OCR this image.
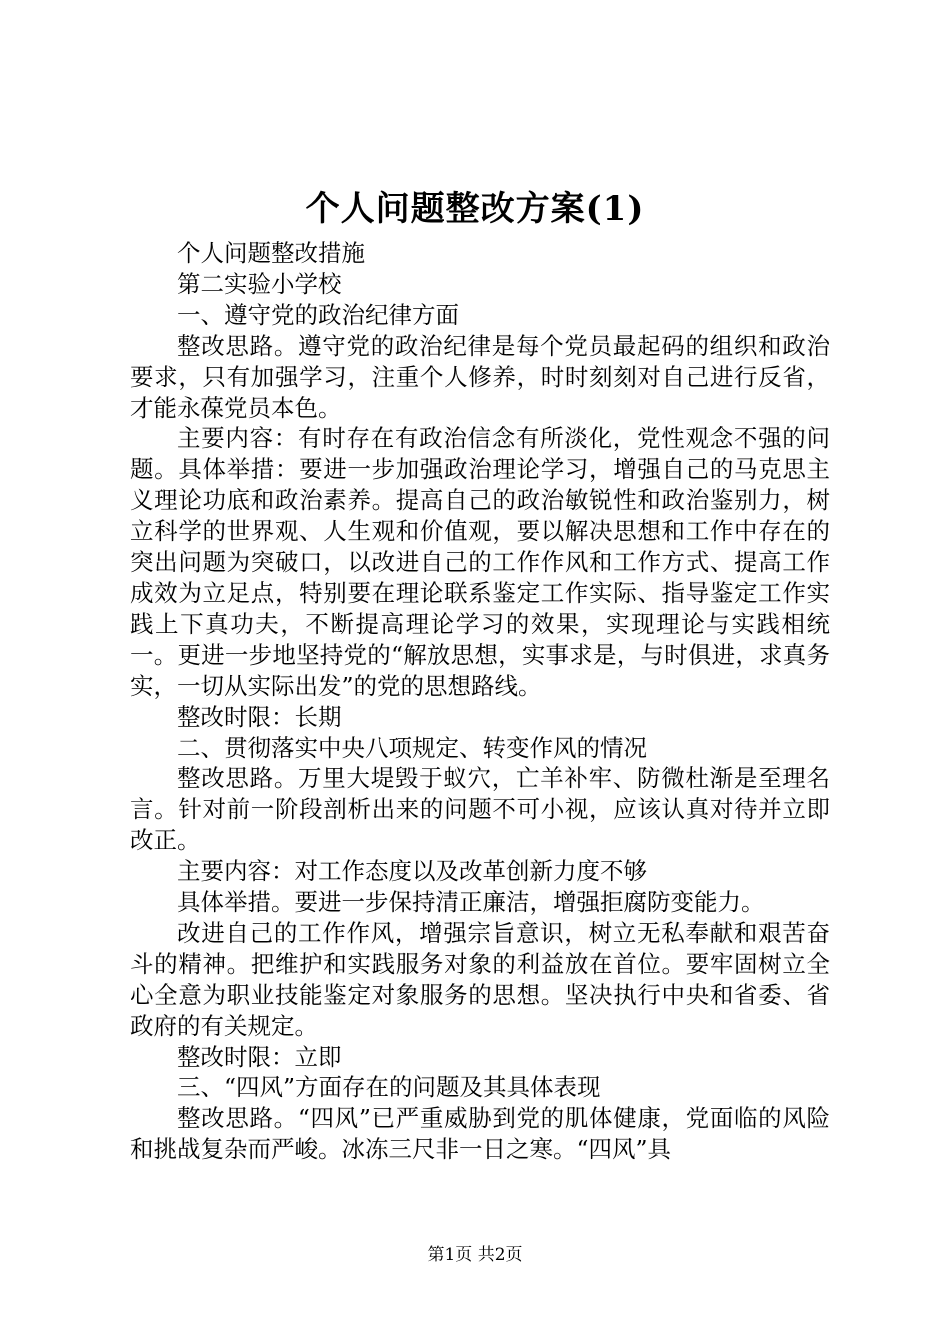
个人问题整改方案(1)

个人问题整改措施

第二实验小学校

一、遵守党的政治纪律方面

整改思路。遵守党的政治纪律是每个党员最起码的组织和政治要求，只有加强学习，注重个人修养，时时刻刻对自己进行反省，才能永葆党员本色。

主要内容：有时存在有政治信念有所淡化，党性观念不强的问题。具体举措：要进一步加强政治理论学习，增强自己的马克思主义理论功底和政治素养。提高自己的政治敏锐性和政治鉴别力，树立科学的世界观、人生观和价值观，要以解决思想和工作中存在的突出问题为突破口，以改进自己的工作作风和工作方式、提高工作成效为立足点，特别要在理论联系鉴定工作实际、指导鉴定工作实践上下真功夫，不断提高理论学习的效果，实现理论与实践相统一。更进一步地坚持党的“解放思想，实事求是，与时俱进，求真务实，一切从实际出发”的党的思想路线。

整改时限：长期

二、贯彻落实中央八项规定、转变作风的情况

整改思路。万里大堤毁于蚁穴，亡羊补牢、防微杜渐是至理名言。针对前一阶段剖析出来的问题不可小视，应该认真对待并立即改正。

主要内容：对工作态度以及改革创新力度不够

具体举措。要进一步保持清正廉洁，增强拒腐防变能力。

改进自己的工作作风，增强宗旨意识，树立无私奉献和艰苦奋斗的精神。把维护和实践服务对象的利益放在首位。要牢固树立全心全意为职业技能鉴定对象服务的思想。坚决执行中央和省委、省政府的有关规定。

整改时限：立即

三、“四风”方面存在的问题及其具体表现

整改思路。“四风”已严重威胁到党的肌体健康，党面临的风险和挑战复杂而严峻。冰冻三尺非一日之寒。“四风”具

第1页 共2页
